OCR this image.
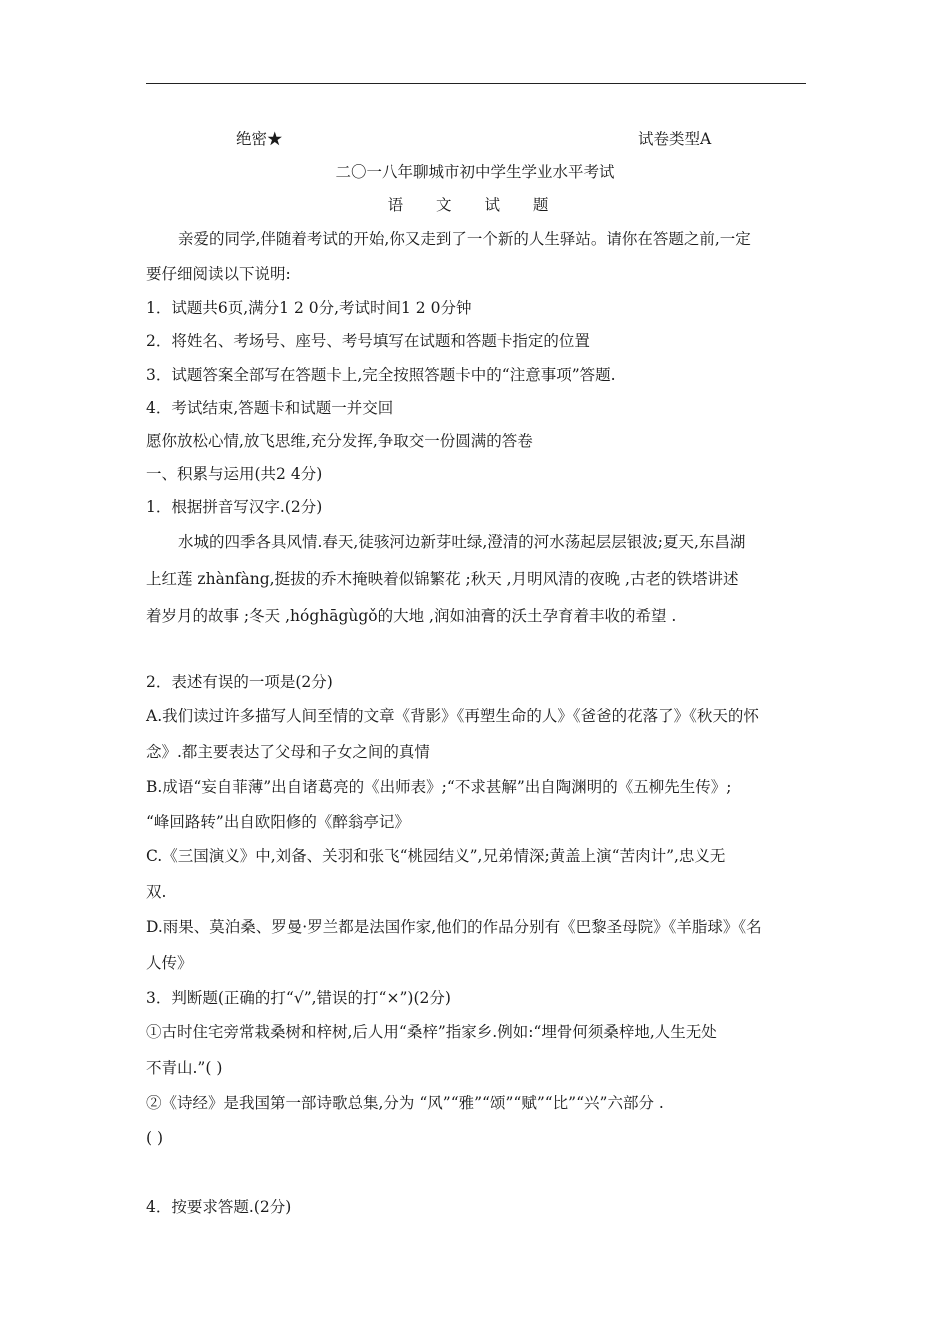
绝密★	试卷类型A
二〇一八年聊城市初中学生学业水平考试
语 文 试 题
亲爱的同学,伴随着考试的开始,你又走到了一个新的人生驿站。请你在答题之前,一定
要仔细阅读以下说明:
1．试题共6页,满分1 2 0分,考试时间1 2 0分钟
2．将姓名、考场号、座号、考号填写在试题和答题卡指定的位置
3．试题答案全部写在答题卡上,完全按照答题卡中的“注意事项”答题.
4．考试结束,答题卡和试题一并交回
愿你放松心情,放飞思维,充分发挥,争取交一份圆满的答卷
一、积累与运用(共2 4分)
1．根据拼音写汉字.(2分)
水城的四季各具风情.春天,徒骇河边新芽吐绿,澄清的河水荡起层层银波;夏天,东昌湖
上红莲 zhànfàng,挺拔的乔木掩映着似锦繁花 ;秋天 ,月明风清的夜晚 ,古老的铁塔讲述
着岁月的故事 ;冬天 ,hóghāgùgǒ的大地 ,润如油膏的沃土孕育着丰收的希望 .
2．表述有误的一项是(2分)
A.我们读过许多描写人间至情的文章《背影》《再塑生命的人》《爸爸的花落了》《秋天的怀
念》.都主要表达了父母和子女之间的真情
B.成语“妄自菲薄”出自诸葛亮的《出师表》;“不求甚解”出自陶渊明的《五柳先生传》;
“峰回路转”出自欧阳修的《醉翁亭记》
C.《三国演义》中,刘备、关羽和张飞“桃园结义”,兄弟情深;黄盖上演“苦肉计”,忠义无
双.
D.雨果、莫泊桑、罗曼·罗兰都是法国作家,他们的作品分别有《巴黎圣母院》《羊脂球》《名
人传》
3．判断题(正确的打“√”,错误的打“×”)(2分)
①古时住宅旁常栽桑树和梓树,后人用“桑梓”指家乡.例如:“埋骨何须桑梓地,人生无处
不青山.”( )
②《诗经》是我国第一部诗歌总集,分为 “风”“雅”“颂”“赋”“比”“兴”六部分 .
( )
4．按要求答题.(2分)
